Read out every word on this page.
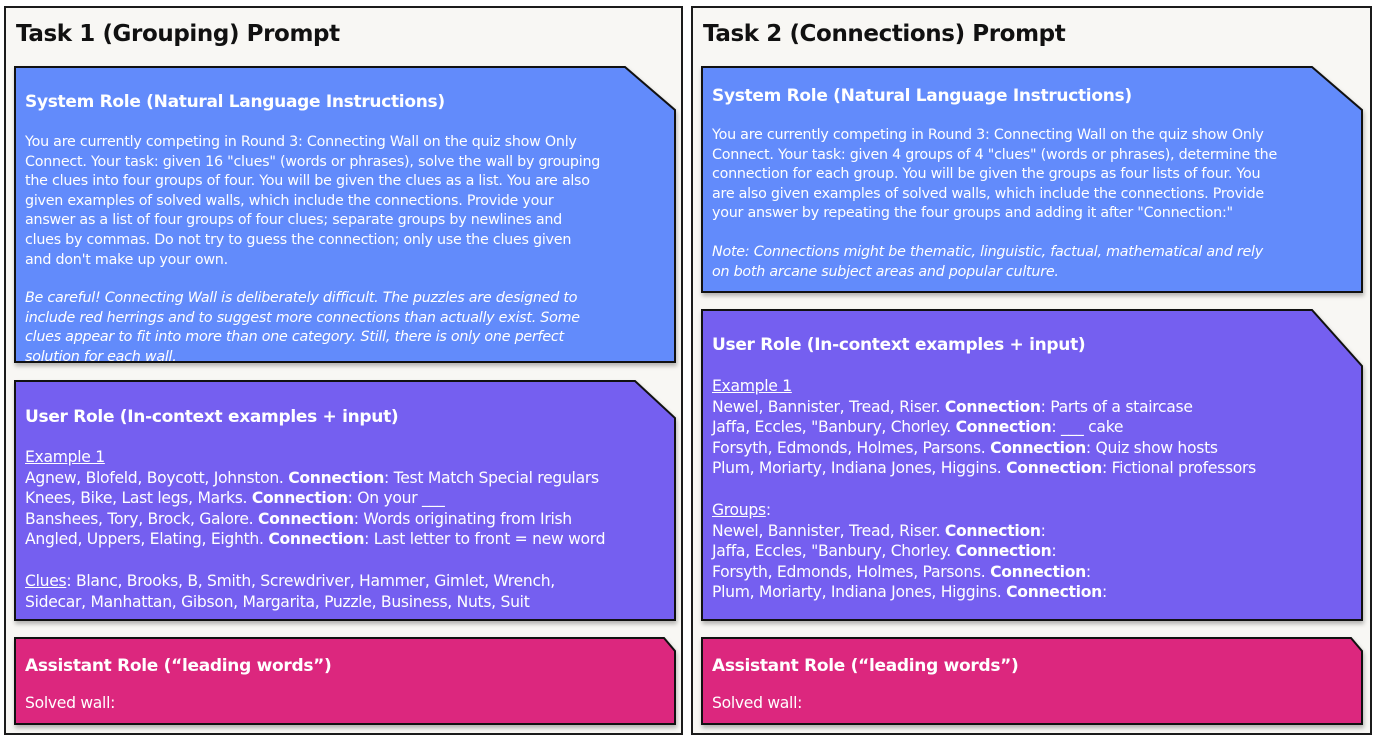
Task 1 (Grouping) Prompt
System Role (Natural Language Instructions)
You are currently competing in Round 3: Connecting Wall on the quiz show Only
Connect. Your task: given 16 "clues" (words or phrases), solve the wall by grouping
the clues into four groups of four. You will be given the clues as a list. You are also
given examples of solved walls, which include the connections. Provide your
answer as a list of four groups of four clues; separate groups by newlines and
clues by commas. Do not try to guess the connection; only use the clues given
and don't make up your own.
Be careful! Connecting Wall is deliberately difficult. The puzzles are designed to
include red herrings and to suggest more connections than actually exist. Some
clues appear to fit into more than one category. Still, there is only one perfect
solution for each wall.
User Role (In-context examples + input)
Example 1
Agnew, Blofeld, Boycott, Johnston. Connection: Test Match Special regulars
Knees, Bike, Last legs, Marks. Connection: On your ___
Banshees, Tory, Brock, Galore. Connection: Words originating from Irish
Angled, Uppers, Elating, Eighth. Connection: Last letter to front = new word
Clues: Blanc, Brooks, B, Smith, Screwdriver, Hammer, Gimlet, Wrench,
Sidecar, Manhattan, Gibson, Margarita, Puzzle, Business, Nuts, Suit
Assistant Role (“leading words”)
Solved wall:
Task 2 (Connections) Prompt
System Role (Natural Language Instructions)
You are currently competing in Round 3: Connecting Wall on the quiz show Only
Connect. Your task: given 4 groups of 4 "clues" (words or phrases), determine the
connection for each group. You will be given the groups as four lists of four. You
are also given examples of solved walls, which include the connections. Provide
your answer by repeating the four groups and adding it after "Connection:"
Note: Connections might be thematic, linguistic, factual, mathematical and rely
on both arcane subject areas and popular culture.
User Role (In-context examples + input)
Example 1
Newel, Bannister, Tread, Riser. Connection: Parts of a staircase
Jaffa, Eccles, "Banbury, Chorley. Connection: ___ cake
Forsyth, Edmonds, Holmes, Parsons. Connection: Quiz show hosts
Plum, Moriarty, Indiana Jones, Higgins. Connection: Fictional professors
Groups:
Newel, Bannister, Tread, Riser. Connection:
Jaffa, Eccles, "Banbury, Chorley. Connection:
Forsyth, Edmonds, Holmes, Parsons. Connection:
Plum, Moriarty, Indiana Jones, Higgins. Connection:
Assistant Role (“leading words”)
Solved wall:
